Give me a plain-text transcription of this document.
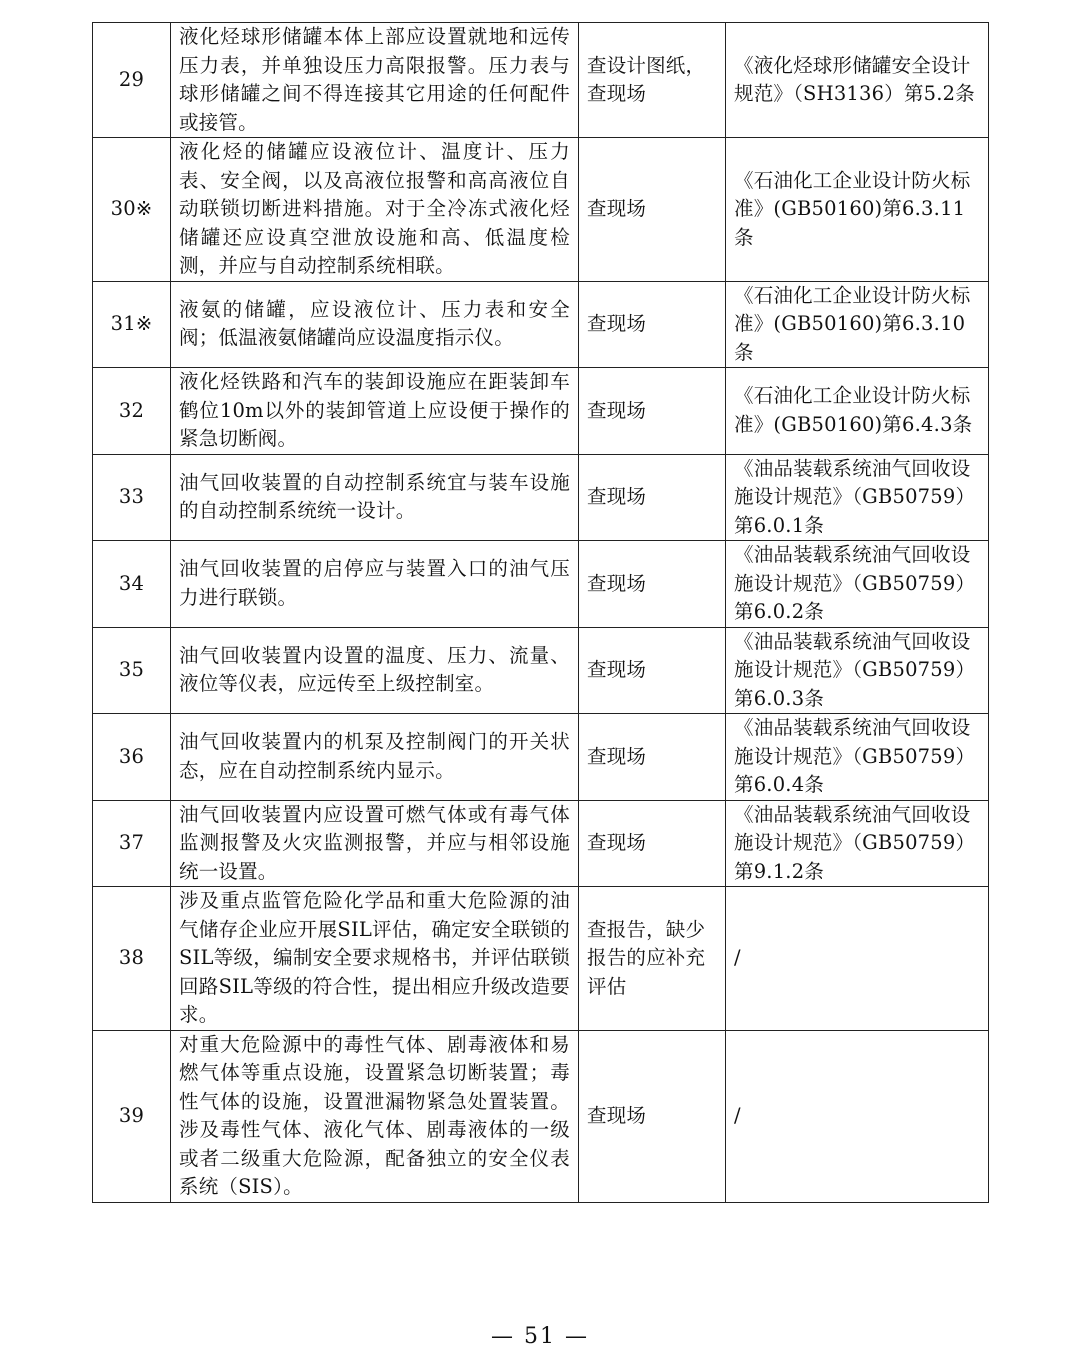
29	液化烃球形储罐本体上部应设置就地和远传压力表，并单独设压力高限报警。压力表与球形储罐之间不得连接其它用途的任何配件或接管。	查设计图纸，查现场	《液化烃球形储罐安全设计规范》（SH3136）第5.2条
30※	液化烃的储罐应设液位计、温度计、压力表、安全阀，以及高液位报警和高高液位自动联锁切断进料措施。对于全冷冻式液化烃储罐还应设真空泄放设施和高、低温度检测，并应与自动控制系统相联。	查现场	《石油化工企业设计防火标准》(GB50160)第6.3.11条
31※	液氨的储罐，应设液位计、压力表和安全阀；低温液氨储罐尚应设温度指示仪。	查现场	《石油化工企业设计防火标准》(GB50160)第6.3.10条
32	液化烃铁路和汽车的装卸设施应在距装卸车鹤位10m以外的装卸管道上应设便于操作的紧急切断阀。	查现场	《石油化工企业设计防火标准》(GB50160)第6.4.3条
33	油气回收装置的自动控制系统宜与装车设施的自动控制系统统一设计。	查现场	《油品装载系统油气回收设施设计规范》（GB50759）第6.0.1条
34	油气回收装置的启停应与装置入口的油气压力进行联锁。	查现场	《油品装载系统油气回收设施设计规范》（GB50759）第6.0.2条
35	油气回收装置内设置的温度、压力、流量、液位等仪表，应远传至上级控制室。	查现场	《油品装载系统油气回收设施设计规范》（GB50759）第6.0.3条
36	油气回收装置内的机泵及控制阀门的开关状态，应在自动控制系统内显示。	查现场	《油品装载系统油气回收设施设计规范》（GB50759）第6.0.4条
37	油气回收装置内应设置可燃气体或有毒气体监测报警及火灾监测报警，并应与相邻设施统一设置。	查现场	《油品装载系统油气回收设施设计规范》（GB50759）第9.1.2条
38	涉及重点监管危险化学品和重大危险源的油气储存企业应开展SIL评估，确定安全联锁的SIL等级，编制安全要求规格书，并评估联锁回路SIL等级的符合性，提出相应升级改造要求。	查报告，缺少报告的应补充评估	/
39	对重大危险源中的毒性气体、剧毒液体和易燃气体等重点设施，设置紧急切断装置；毒性气体的设施，设置泄漏物紧急处置装置。涉及毒性气体、液化气体、剧毒液体的一级或者二级重大危险源，配备独立的安全仪表系统（SIS）。	查现场	/
— 51 —
